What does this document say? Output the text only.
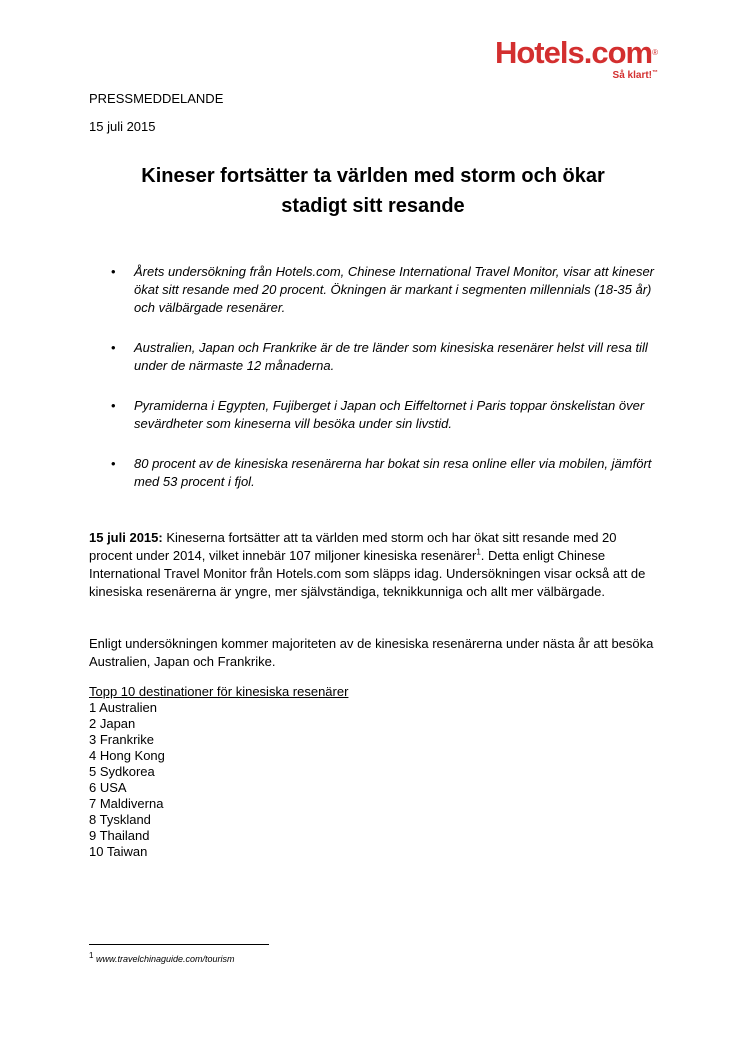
Hotels.com®
Så klart!™
PRESSMEDDELANDE
15 juli 2015
Kineser fortsätter ta världen med storm och ökar
stadigt sitt resande
• Årets undersökning från Hotels.com, Chinese International Travel Monitor, visar att kineser ökat sitt resande med 20 procent. Ökningen är markant i segmenten millennials (18-35 år) och välbärgade resenärer.
• Australien, Japan och Frankrike är de tre länder som kinesiska resenärer helst vill resa till under de närmaste 12 månaderna.
• Pyramiderna i Egypten, Fujiberget i Japan och Eiffeltornet i Paris toppar önskelistan över sevärdheter som kineserna vill besöka under sin livstid.
• 80 procent av de kinesiska resenärerna har bokat sin resa online eller via mobilen, jämfört med 53 procent i fjol.
15 juli 2015: Kineserna fortsätter att ta världen med storm och har ökat sitt resande med 20 procent under 2014, vilket innebär 107 miljoner kinesiska resenärer$^1$. Detta enligt Chinese International Travel Monitor från Hotels.com som släpps idag. Undersökningen visar också att de kinesiska resenärerna är yngre, mer självständiga, teknikkunniga och allt mer välbärgade.
Enligt undersökningen kommer majoriteten av de kinesiska resenärerna under nästa år att besöka Australien, Japan och Frankrike.
Topp 10 destinationer för kinesiska resenärer
1 Australien
2 Japan
3 Frankrike
4 Hong Kong
5 Sydkorea
6 USA
7 Maldiverna
8 Tyskland
9 Thailand
10 Taiwan
$^1$ www.travelchinaguide.com/tourism
